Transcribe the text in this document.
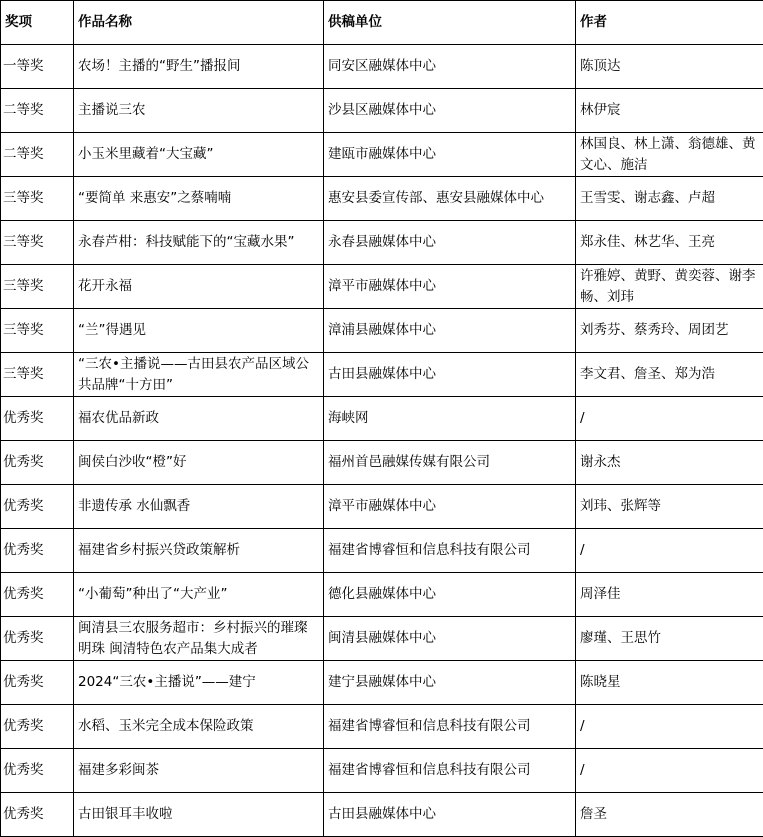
奖项	作品名称	供稿单位	作者
一等奖	农场！主播的“野生”播报间	同安区融媒体中心	陈顶达
二等奖	主播说三农	沙县区融媒体中心	林伊宸
二等奖	小玉米里藏着“大宝藏”	建瓯市融媒体中心	林国良、林上潇、翁德雄、黄文心、施洁
三等奖	“要简单 来惠安”之蔡喃喃	惠安县委宣传部、惠安县融媒体中心	王雪雯、谢志鑫、卢超
三等奖	永春芦柑：科技赋能下的“宝藏水果”	永春县融媒体中心	郑永佳、林艺华、王亮
三等奖	花开永福	漳平市融媒体中心	许雅婷、黄野、黄奕蓉、谢李畅、刘玮
三等奖	“兰”得遇见	漳浦县融媒体中心	刘秀芬、蔡秀玲、周团艺
三等奖	“三农•主播说——古田县农产品区域公共品牌“十方田”	古田县融媒体中心	李文君、詹圣、郑为浩
优秀奖	福农优品新政	海峡网	/
优秀奖	闽侯白沙收“橙”好	福州首邑融媒传媒有限公司	谢永杰
优秀奖	非遗传承 水仙飘香	漳平市融媒体中心	刘玮、张辉等
优秀奖	福建省乡村振兴贷政策解析	福建省博睿恒和信息科技有限公司	/
优秀奖	“小葡萄”种出了“大产业”	德化县融媒体中心	周泽佳
优秀奖	闽清县三农服务超市：乡村振兴的璀璨明珠 闽清特色农产品集大成者	闽清县融媒体中心	廖瑾、王思竹
优秀奖	2024“三农•主播说”——建宁	建宁县融媒体中心	陈晓星
优秀奖	水稻、玉米完全成本保险政策	福建省博睿恒和信息科技有限公司	/
优秀奖	福建多彩闽茶	福建省博睿恒和信息科技有限公司	/
优秀奖	古田银耳丰收啦	古田县融媒体中心	詹圣
